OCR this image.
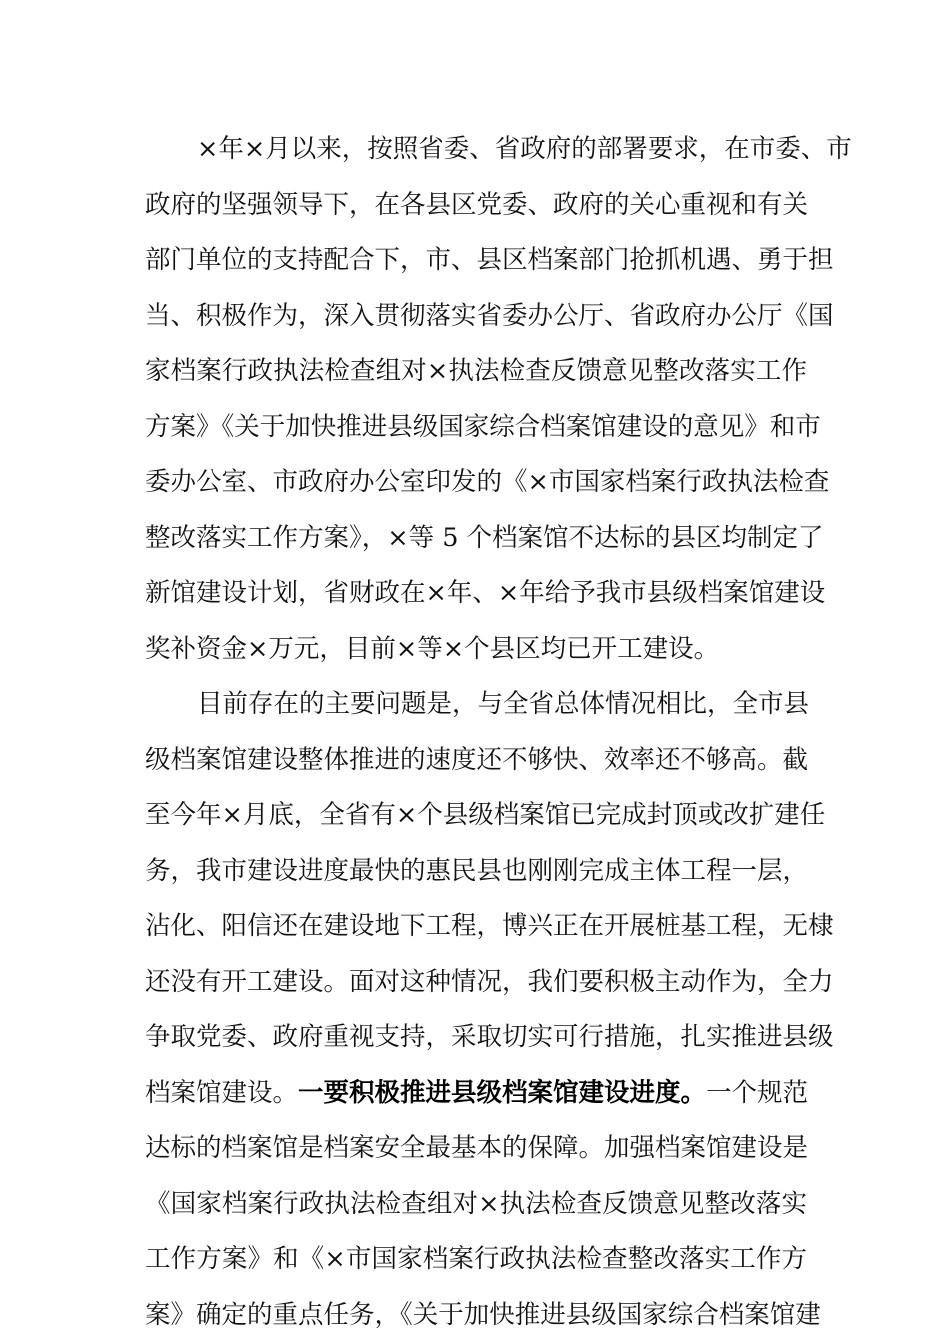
×年×月以来，按照省委、省政府的部署要求，在市委、市
政府的坚强领导下，在各县区党委、政府的关心重视和有关
部门单位的支持配合下，市、县区档案部门抢抓机遇、勇于担
当、积极作为，深入贯彻落实省委办公厅、省政府办公厅《国
家档案行政执法检查组对×执法检查反馈意见整改落实工作
方案》《关于加快推进县级国家综合档案馆建设的意见》和市
委办公室、市政府办公室印发的《×市国家档案行政执法检查
整改落实工作方案》，×等 5 个档案馆不达标的县区均制定了
新馆建设计划，省财政在×年、×年给予我市县级档案馆建设
奖补资金×万元，目前×等×个县区均已开工建设。
目前存在的主要问题是，与全省总体情况相比，全市县
级档案馆建设整体推进的速度还不够快、效率还不够高。截
至今年×月底，全省有×个县级档案馆已完成封顶或改扩建任
务，我市建设进度最快的惠民县也刚刚完成主体工程一层，
沾化、阳信还在建设地下工程，博兴正在开展桩基工程，无棣
还没有开工建设。面对这种情况，我们要积极主动作为，全力
争取党委、政府重视支持，采取切实可行措施，扎实推进县级
档案馆建设。一要积极推进县级档案馆建设进度。一个规范
达标的档案馆是档案安全最基本的保障。加强档案馆建设是
《国家档案行政执法检查组对×执法检查反馈意见整改落实
工作方案》和《×市国家档案行政执法检查整改落实工作方
案》确定的重点任务，《关于加快推进县级国家综合档案馆建
